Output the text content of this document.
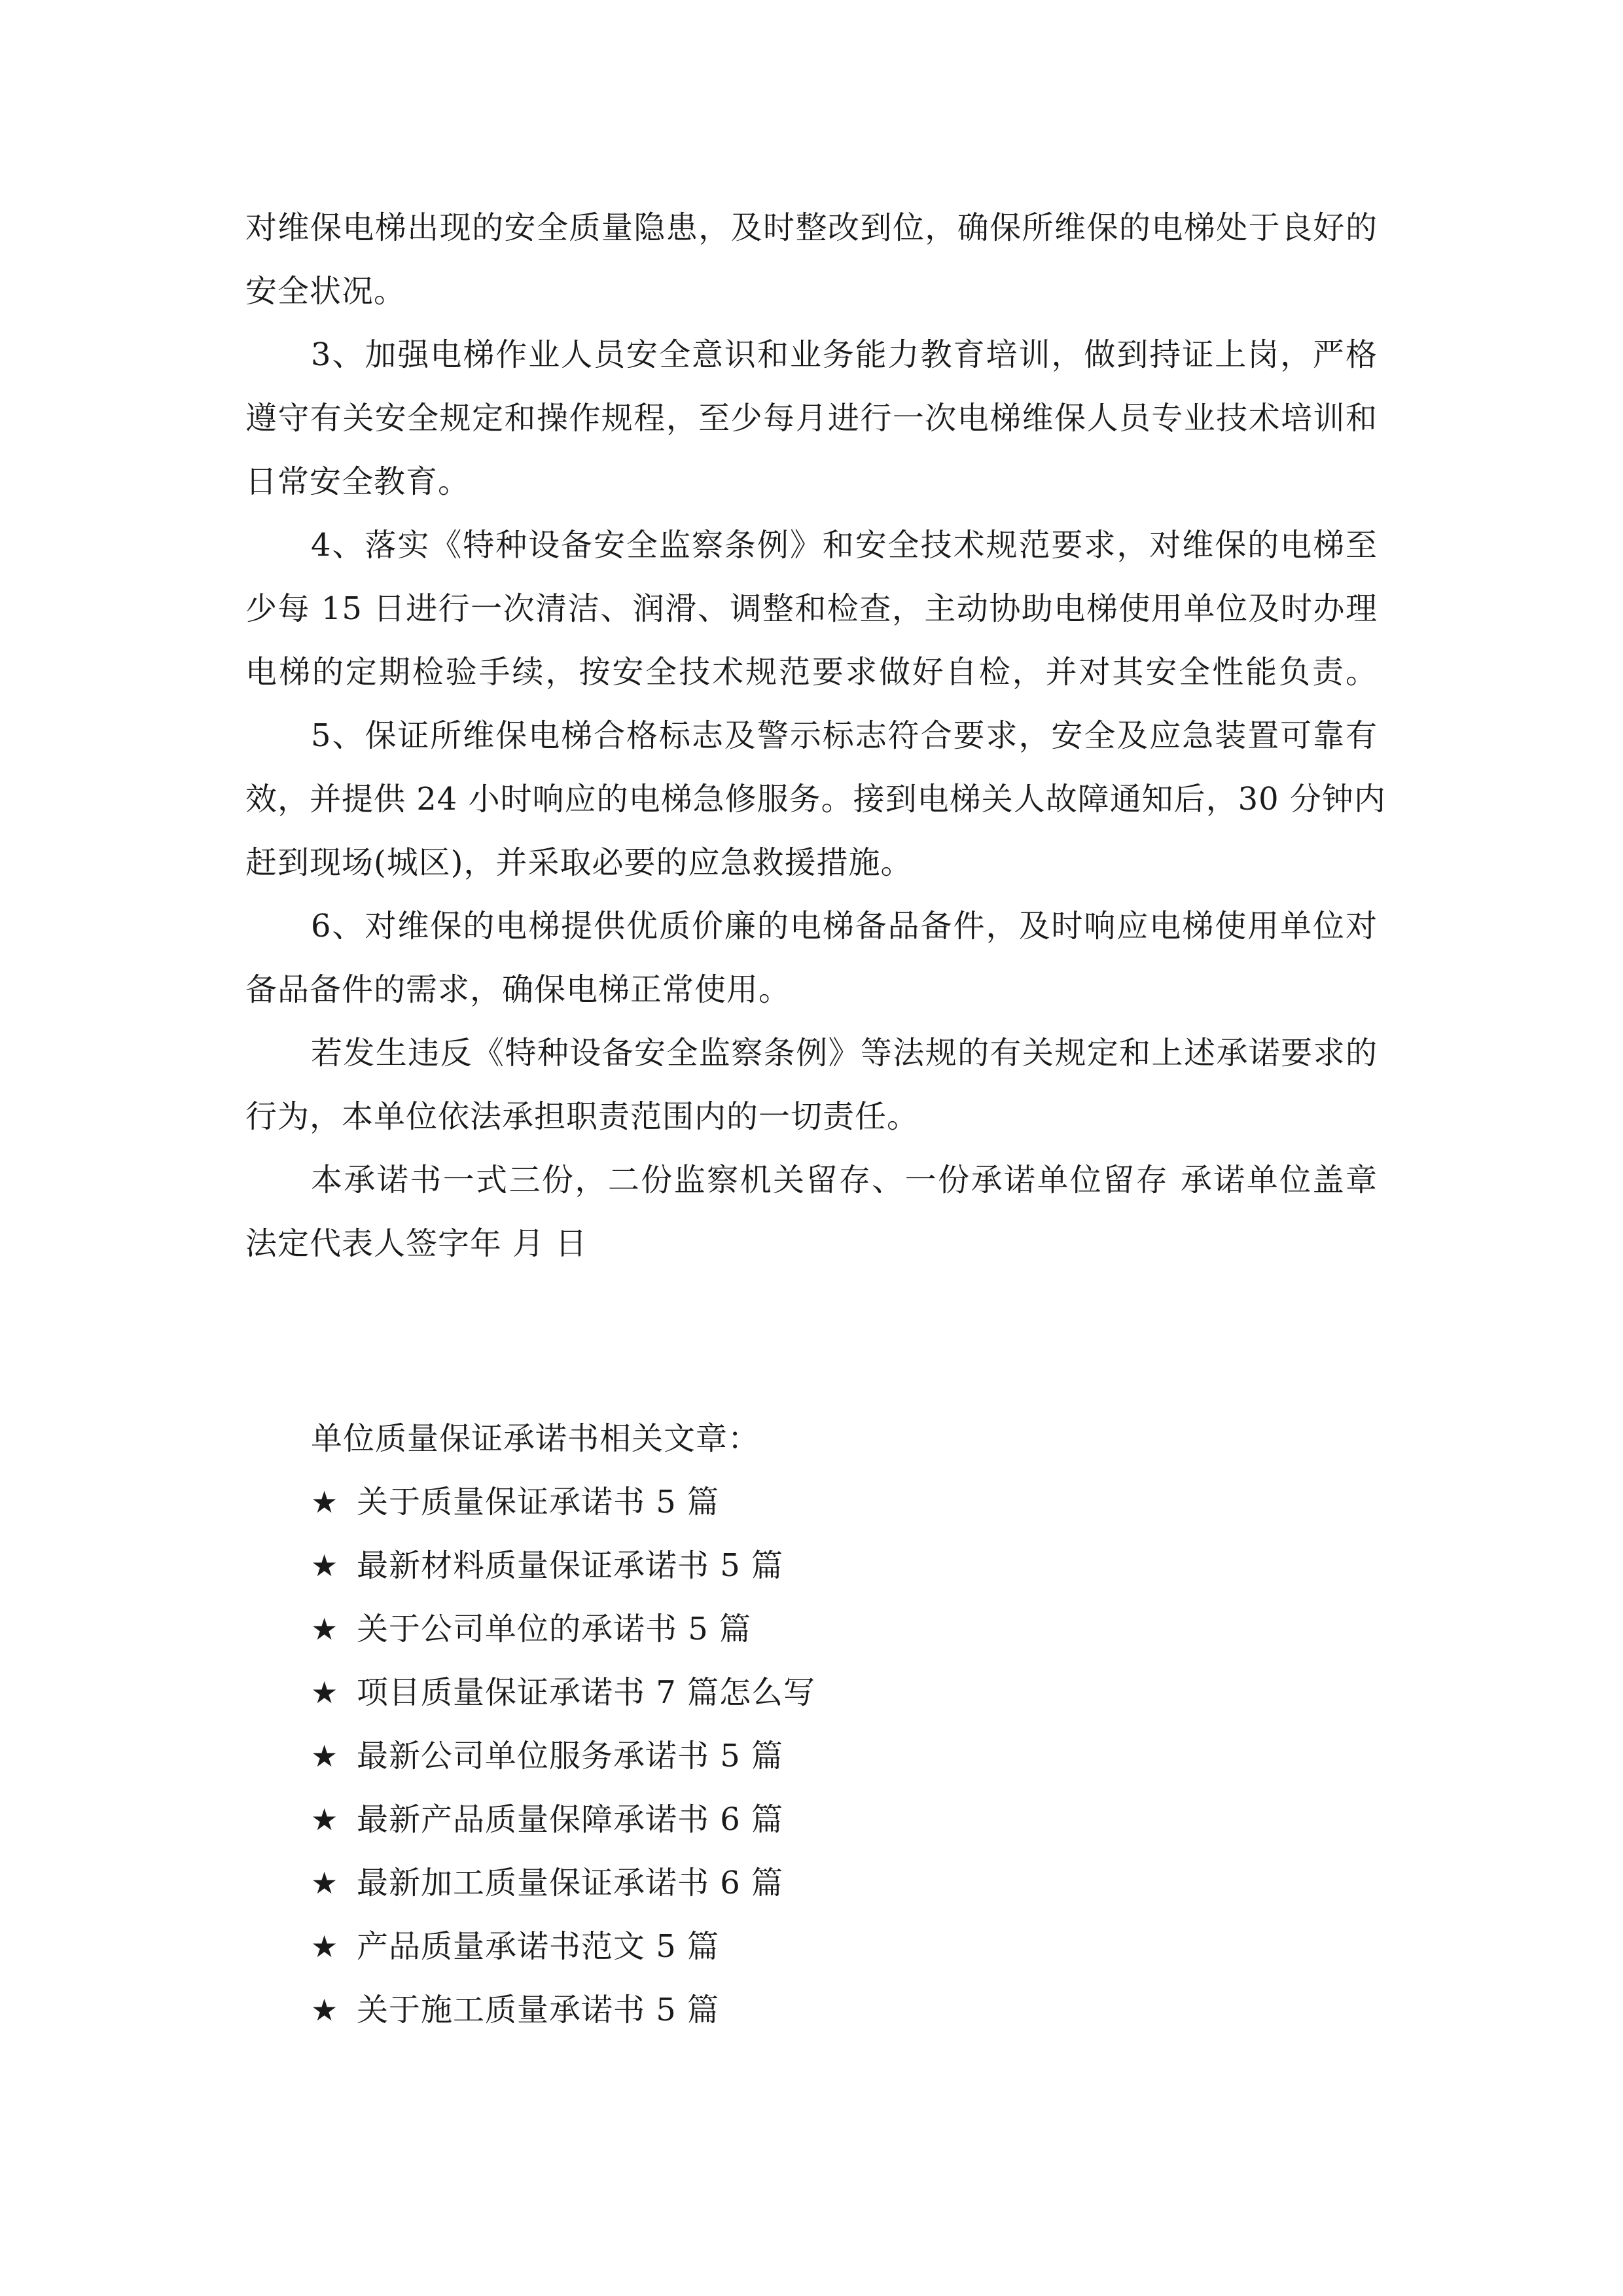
对维保电梯出现的安全质量隐患，及时整改到位，确保所维保的电梯处于良好的
安全状况。
3、加强电梯作业人员安全意识和业务能力教育培训，做到持证上岗，严格
遵守有关安全规定和操作规程，至少每月进行一次电梯维保人员专业技术培训和
日常安全教育。
4、落实《特种设备安全监察条例》和安全技术规范要求，对维保的电梯至
少每 15 日进行一次清洁、润滑、调整和检查，主动协助电梯使用单位及时办理
电梯的定期检验手续，按安全技术规范要求做好自检，并对其安全性能负责。
5、保证所维保电梯合格标志及警示标志符合要求，安全及应急装置可靠有
效，并提供 24 小时响应的电梯急修服务。接到电梯关人故障通知后，30 分钟内
赶到现场(城区)，并采取必要的应急救援措施。
6、对维保的电梯提供优质价廉的电梯备品备件，及时响应电梯使用单位对
备品备件的需求，确保电梯正常使用。
若发生违反《特种设备安全监察条例》等法规的有关规定和上述承诺要求的
行为，本单位依法承担职责范围内的一切责任。
本承诺书一式三份，二份监察机关留存、一份承诺单位留存 承诺单位盖章
法定代表人签字年 月 日
单位质量保证承诺书相关文章：
★ 关于质量保证承诺书 5 篇
★ 最新材料质量保证承诺书 5 篇
★ 关于公司单位的承诺书 5 篇
★ 项目质量保证承诺书 7 篇怎么写
★ 最新公司单位服务承诺书 5 篇
★ 最新产品质量保障承诺书 6 篇
★ 最新加工质量保证承诺书 6 篇
★ 产品质量承诺书范文 5 篇
★ 关于施工质量承诺书 5 篇
